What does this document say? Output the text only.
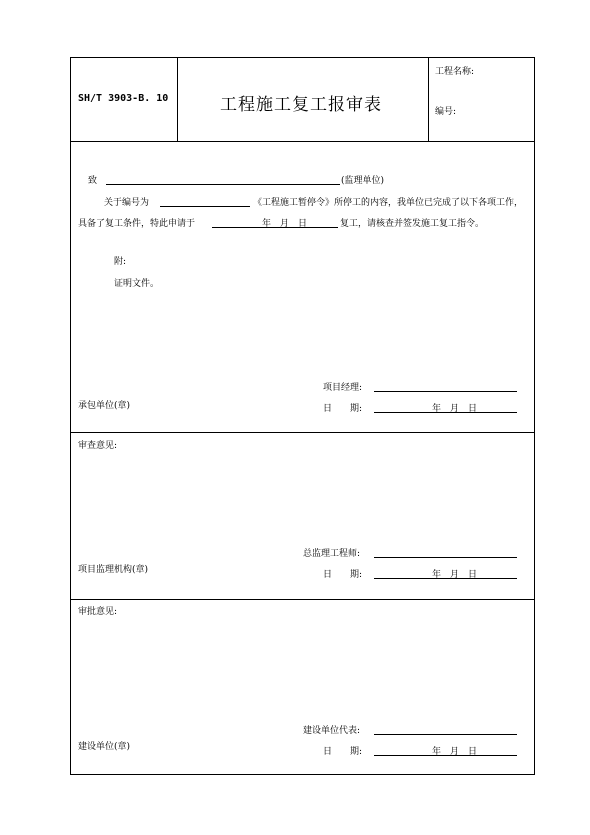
SH/T 3903-B. 10	工程施工复工报审表
工程名称:
编号:
致	(监理单位)
关于编号为	《工程施工暂停令》所停工的内容，我单位已完成了以下各项工作，
具备了复工条件，特此申请于	年　月　日	复工，请核查并签发施工复工指令。
附:
证明文件。
项目经理:
承包单位(章)	日　　期:	年　月　日
审查意见:
总监理工程师:
项目监理机构(章)	日　　期:	年　月　日
审批意见:
建设单位代表:
建设单位(章)	日　　期:	年　月　日
